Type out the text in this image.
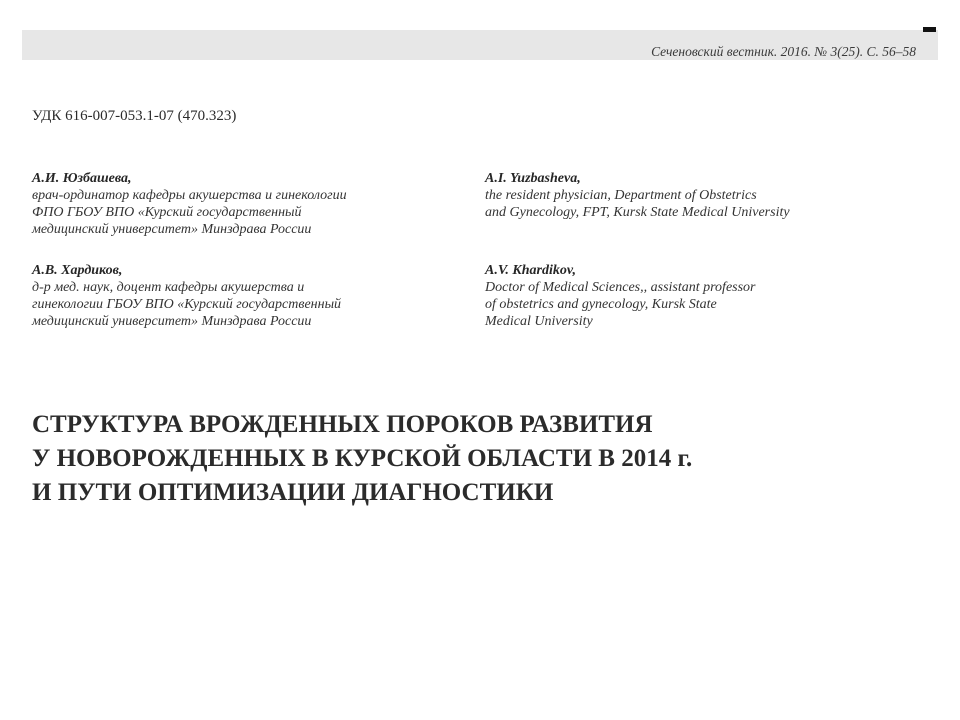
Сеченовский вестник. 2016. № 3(25). С. 56–58
УДК 616-007-053.1-07 (470.323)
А.И. Юзбашева,
врач-ординатор кафедры акушерства и гинекологии
ФПО ГБОУ ВПО «Курский государственный
медицинский университет» Минздрава России
A.I. Yuzbasheva,
the resident physician, Department of Obstetrics
and Gynecology, FPT, Kursk State Medical University
А.В. Хардиков,
д-р мед. наук, доцент кафедры акушерства и
гинекологии ГБОУ ВПО «Курский государственный
медицинский университет» Минздрава России
A.V. Khardikov,
Doctor of Medical Sciences,, assistant professor
of obstetrics and gynecology, Kursk State
Medical University
СТРУКТУРА ВРОЖДЕННЫХ ПОРОКОВ РАЗВИТИЯ
У НОВОРОЖДЕННЫХ В КУРСКОЙ ОБЛАСТИ В 2014 г.
И ПУТИ ОПТИМИЗАЦИИ ДИАГНОСТИКИ
